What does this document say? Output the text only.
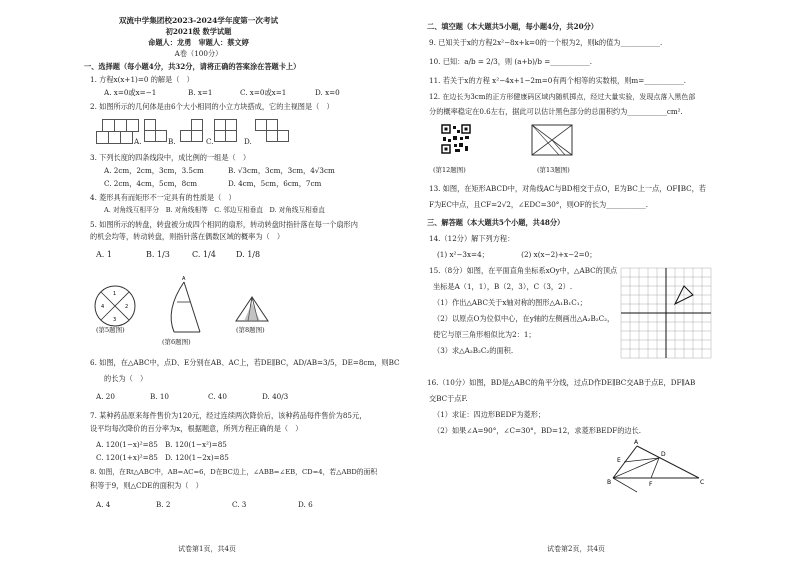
双流中学集团校2023-2024学年度第一次考试
初2021级 数学试题
命题人：龙勇　审题人：蔡文婷
A卷（100分）
一、选择题（每小题4分，共32分，请将正确的答案涂在答题卡上）
1. 方程x(x+1)=0 的解是（　）
A. x=0或x=−1	B. x=1	C. x=0或x=1	D. x=0
2. 如图所示的几何体是由6个大小相同的小立方块搭成，它的主视图是（　）
A.	B.	C.	D.
3. 下列长度的四条线段中，成比例的一组是（　）
A. 2cm，2cm，3cm，3.5cm	B. √3cm，3cm，3cm，4√3cm
C. 2cm，4cm，5cm，8cm	D. 4cm，5cm，6cm，7cm
4. 菱形具有而矩形不一定具有的性质是（　）
A. 对角线互相平分　B. 对角线相等　C. 邻边互相垂直　D. 对角线互相垂直
5. 如图所示的转盘，转盘被分成四个相同的扇形，转动转盘时指针落在每一个扇形内
的机会均等，转动转盘，则指针落在偶数区域的概率为（　）
A. 1	B. 1/3	C. 1/4	D. 1/8
1
2
3
4
A
(第5题图)
(第6题图)
(第8题图)
6. 如图，在△ABC中，点D、E分别在AB、AC上，若DE∥BC，AD/AB=3/5，DE=8cm，则BC
的长为（　）
A. 20	B. 10	C. 40	D. 40/3
7. 某种药品原来每件售价为120元，经过连续两次降价后，该种药品每件售价为85元，
设平均每次降价的百分率为x，根据题意，所列方程正确的是（　）
A. 120(1−x)²=85　B. 120(1−x²)=85
C. 120(1+x)²=85　D. 120(1−2x)=85
8. 如图，在Rt△ABC中，AB=AC=6，D在BC边上，∠ABB=∠EB，CD=4，若△ABD的面积
积等于9，则△CDE的面积为（　）
A. 4	B. 2	C. 3	D. 6
试卷第1页，共4页
二、填空题（本大题共5小题，每小题4分，共20分）
9. 已知关于x的方程2x²−8x+k=0的一个根为2，则k的值为___________.
10. 已知：a/b = 2/3，则 (a+b)/b =___________.
11. 若关于x的方程 x²−4x+1−2m=0有两个相等的实数根，则m=___________.
12. 在边长为3cm的正方形健康码区域内随机掷点，经过大量实验，发现点落入黑色部
分的概率稳定在0.6左右，据此可以估计黑色部分的总面积约为___________cm².
(第12题图)	(第13题图)
13. 如图，在矩形ABCD中，对角线AC与BD相交于点O，E为BC上一点，OF∥BC，若
F为EC中点，且CF=2√2，∠EDC=30°，则OF的长为___________.
三、解答题（本大题共5个小题，共48分）
14.（12分）解下列方程：
(1) x²−3x=4；　　　　　(2) x(x−2)+x−2=0；
15.（8分）如图，在平面直角坐标系xOy中，△ABC的顶点
坐标是A（1，1），B（2，3），C（3，2）.
（1）作出△ABC关于x轴对称的图形△A₁B₁C₁；
（2）以原点O为位似中心，在y轴的左侧画出△A₂B₂C₂，
使它与原三角形相似比为2：1；
（3）求△A₂B₂C₂的面积.
16.（10分）如图，BD是△ABC的角平分线，过点D作DE∥BC交AB于点E，DF∥AB
交BC于点F.
（1）求证：四边形BEDF为菱形；
（2）如果∠A=90°，∠C=30°，BD=12，求菱形BEDF的边长.
A
E
D
B	F	C
试卷第2页，共4页
